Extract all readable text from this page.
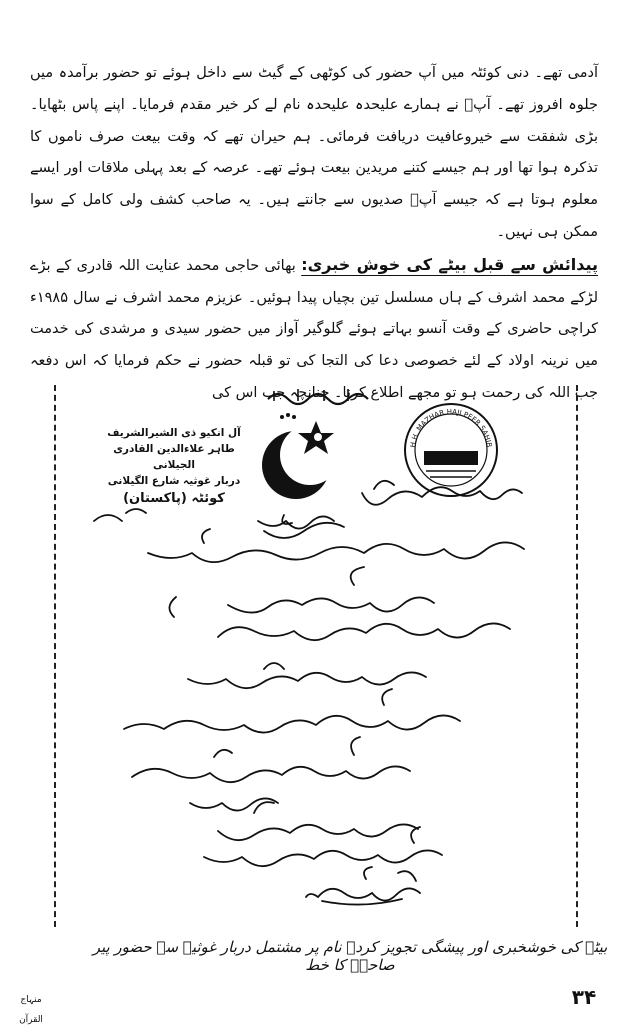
آدمی تھے۔ دنی کوئٹہ میں آپ حضور کی کوٹھی کے گیٹ سے داخل ہوئے تو حضور برآمدہ میں جلوہ افروز تھے۔ آپؒ نے ہمارے علیحدہ علیحدہ نام لے کر خیر مقدم فرمایا۔ اپنے پاس بٹھایا۔ بڑی شفقت سے خیروعافیت دریافت فرمائی۔ ہم حیران تھے کہ وقت بیعت صرف ناموں کا تذکرہ ہوا تھا اور ہم جیسے کتنے مریدین بیعت ہوئے تھے۔ عرصہ کے بعد پہلی ملاقات اور ایسے معلوم ہوتا ہے کہ جیسے آپؒ صدیوں سے جانتے ہیں۔ یہ صاحب کشف ولی کامل کے سوا ممکن ہی نہیں۔

پیدائش سے قبل بیٹے کی خوش خبری: بھائی حاجی محمد عنایت اللہ قادری کے بڑے لڑکے محمد اشرف کے ہاں مسلسل تین بچیاں پیدا ہوئیں۔ عزیزم محمد اشرف نے سال ۱۹۸۵ء کراچی حاضری کے وقت آنسو بہاتے ہوئے گلوگیر آواز میں حضور سیدی و مرشدی کی خدمت میں نرینہ اولاد کے لئے خصوصی دعا کی التجا کی تو قبلہ حضور نے حکم فرمایا کہ اس دفعہ جب اللہ کی رحمت ہو تو مجھے اطلاع کرنا۔ چنانچہ جب اس کی

آل انکیو ذی الشیرالشریف طاہر علاءالدین القادری الجیلانی
دربار غوثیہ شارع الگیلانی
کوئٹہ (پاکستان)
H.H. MAZHAR HAJI PEER SAHIB
بیٹے کی خوشخبری اور پیشگی تجویز کردہ نام پر مشتمل دربار غوثیہ سے حضور پیر صاحبؒ کا خط
منہاج القرآن
۳۴
